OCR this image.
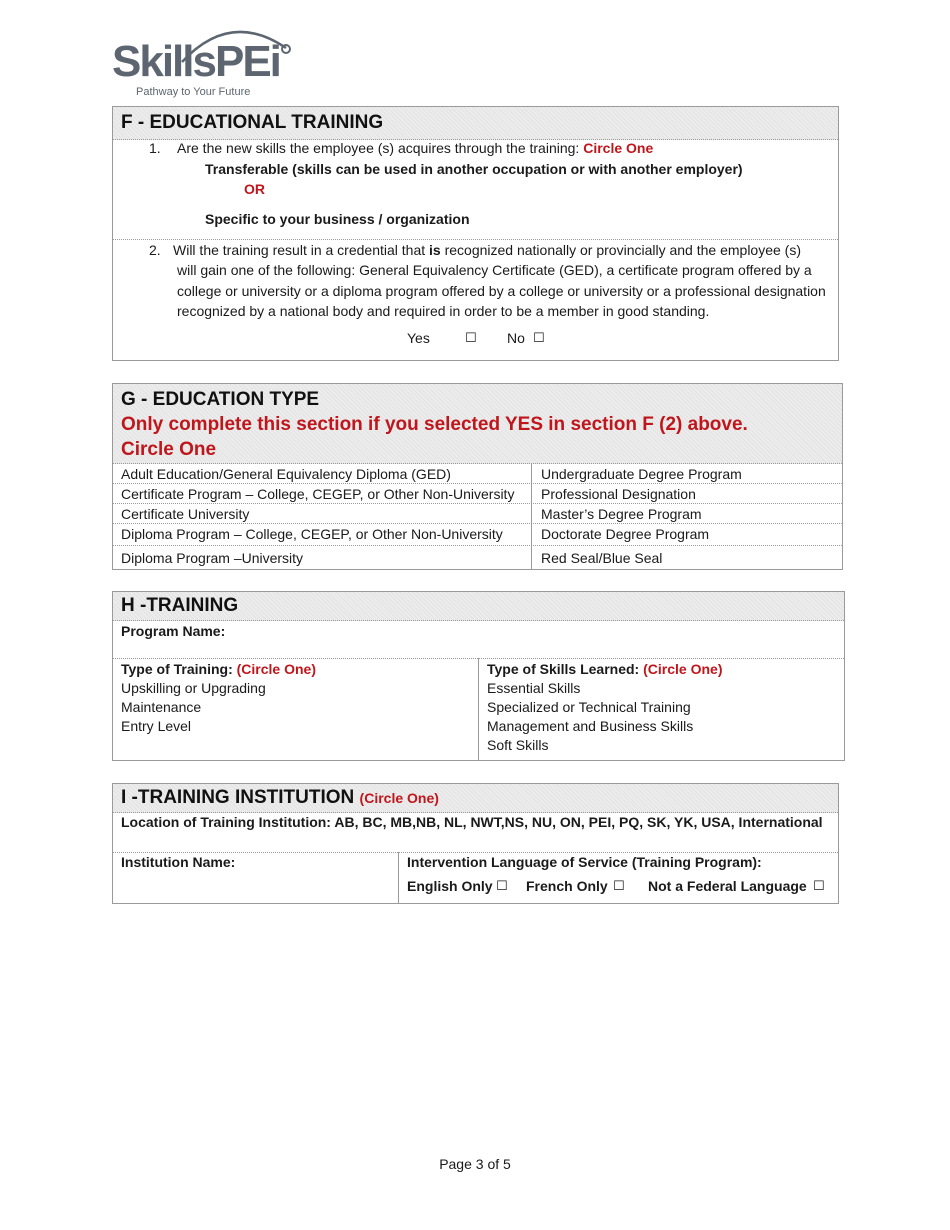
SkillsPEi
Pathway to Your Future
F - EDUCATIONAL TRAINING
1. Are the new skills the employee (s) acquires through the training: Circle One
Transferable (skills can be used in another occupation or with another employer)
OR
Specific to your business / organization
2. Will the training result in a credential that is recognized nationally or provincially and the employee (s)
will gain one of the following: General Equivalency Certificate (GED), a certificate program offered by a
college or university or a diploma program offered by a college or university or a professional designation
recognized by a national body and required in order to be a member in good standing.
Yes	☐ No ☐
G - EDUCATION TYPE
Only complete this section if you selected YES in section F (2) above.
Circle One
Adult Education/General Equivalency Diploma (GED)	Undergraduate Degree Program
Certificate Program – College, CEGEP, or Other Non-University	Professional Designation
Certificate University	Master’s Degree Program
Diploma Program – College, CEGEP, or Other Non-University	Doctorate Degree Program
Diploma Program –University	Red Seal/Blue Seal
H -TRAINING
Program Name:
Type of Training: (Circle One)
Upskilling or Upgrading
Maintenance
Entry Level
Type of Skills Learned: (Circle One)
Essential Skills
Specialized or Technical Training
Management and Business Skills
Soft Skills
I -TRAINING INSTITUTION (Circle One)
Location of Training Institution: AB, BC, MB,NB, NL, NWT,NS, NU, ON, PEI, PQ, SK, YK, USA, International
Institution Name:	Intervention Language of Service (Training Program):
English Only ☐ French Only ☐ Not a Federal Language ☐
Page 3 of 5
